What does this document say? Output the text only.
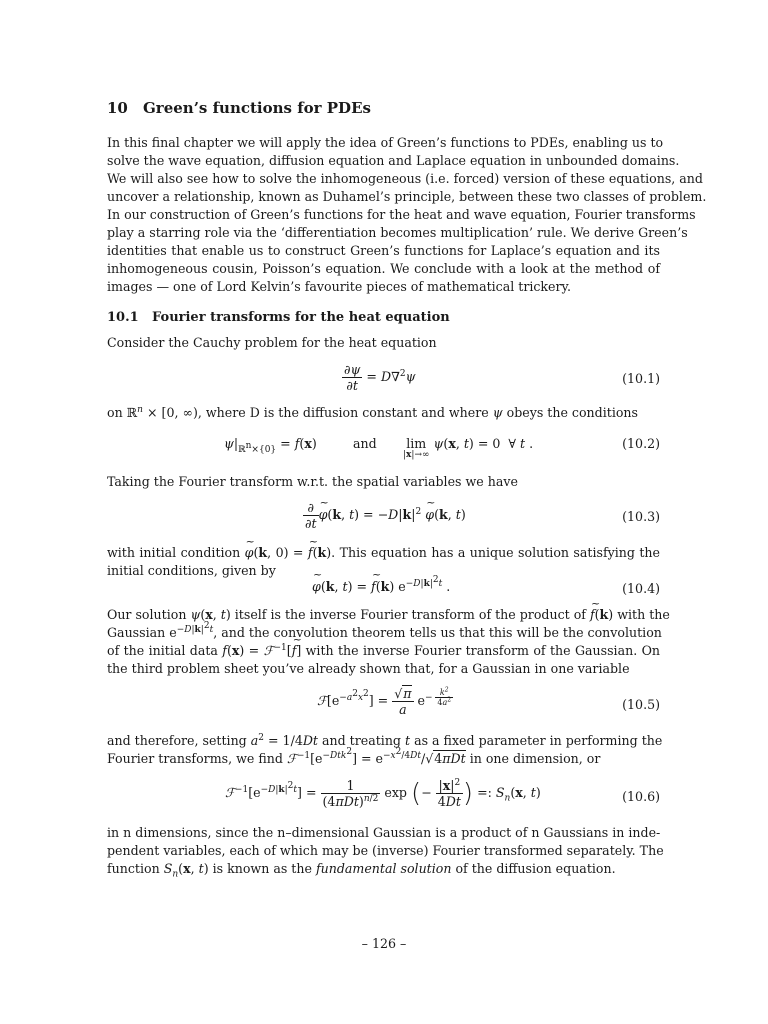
10 Green’s functions for PDEs
In this final chapter we will apply the idea of Green’s functions to PDEs, enabling us to
solve the wave equation, diffusion equation and Laplace equation in unbounded domains.
We will also see how to solve the inhomogeneous (i.e. forced) version of these equations, and
uncover a relationship, known as Duhamel’s principle, between these two classes of problem.
In our construction of Green’s functions for the heat and wave equation, Fourier transforms
play a starring role via the ‘differentiation becomes multiplication’ rule. We derive Green’s
identities that enable us to construct Green’s functions for Laplace’s equation and its
inhomogeneous cousin, Poisson’s equation. We conclude with a look at the method of
images — one of Lord Kelvin’s favourite pieces of mathematical trickery.
10.1 Fourier transforms for the heat equation
Consider the Cauchy problem for the heat equation
$\frac{\partial\psi}{\partial t} = D\nabla^2\psi$	(10.1)
on ℝ$^n$ × [0, ∞), where D is the diffusion constant and where ψ obeys the conditions
$\psi|_{ℝ^n\times\{0\}} = f(x)$	and lim

|x|→∞
ψ(x, t) = 0  ∀ t .	(10.2)
Taking the Fourier transform w.r.t. the spatial variables we have
$\frac{\partial}{\partial t}$ ~ φ(k, $t) = -D|k|^2$ ~ φ(k, t)	(10.3)
with initial condition ~ φ(k, 0) = ~ f(k). This equation has a unique solution satisfying the
initial conditions, given by
~ φ(k, t) = ~ f(k) $e^{-D|k|^2t}$ .	(10.4)
Our solution ψ(x, t) itself is the inverse Fourier transform of the product of ~ f(k) with the
Gaussian $e^{-D|k|^2t}$, and the convolution theorem tells us that this will be the convolution
of the initial data f(x) = ℱ$^{-1}$[~ f] with the inverse Fourier transform of the Gaussian. On
the third problem sheet you’ve already shown that, for a Gaussian in one variable
$ℱ[e^{-a^2x^2}] = \frac{√\pi}{a} e^{- \frac{k^2}{4a^2}}$	(10.5)
and therefore, setting $a^2 = 1/4Dt$ and treating t as a fixed parameter in performing the
Fourier transforms, we find $ℱ^{-1}[e^{-Dtk^2}] = e^{-x^2/4Dt}/√4\pi Dt$ in one dimension, or
$ℱ^{-1}[e^{-D|k|^2t}] = \frac{1}{(4\pi Dt)^{n/2}}$ exp (− $\frac{|x|^2}{4Dt}$ ) =: $S_n(x$, t)	(10.6)
in n dimensions, since the n–dimensional Gaussian is a product of n Gaussians in inde-
pendent variables, each of which may be (inverse) Fourier transformed separately. The
function $S_n(x$, t) is known as the fundamental solution of the diffusion equation.
– 126 –
